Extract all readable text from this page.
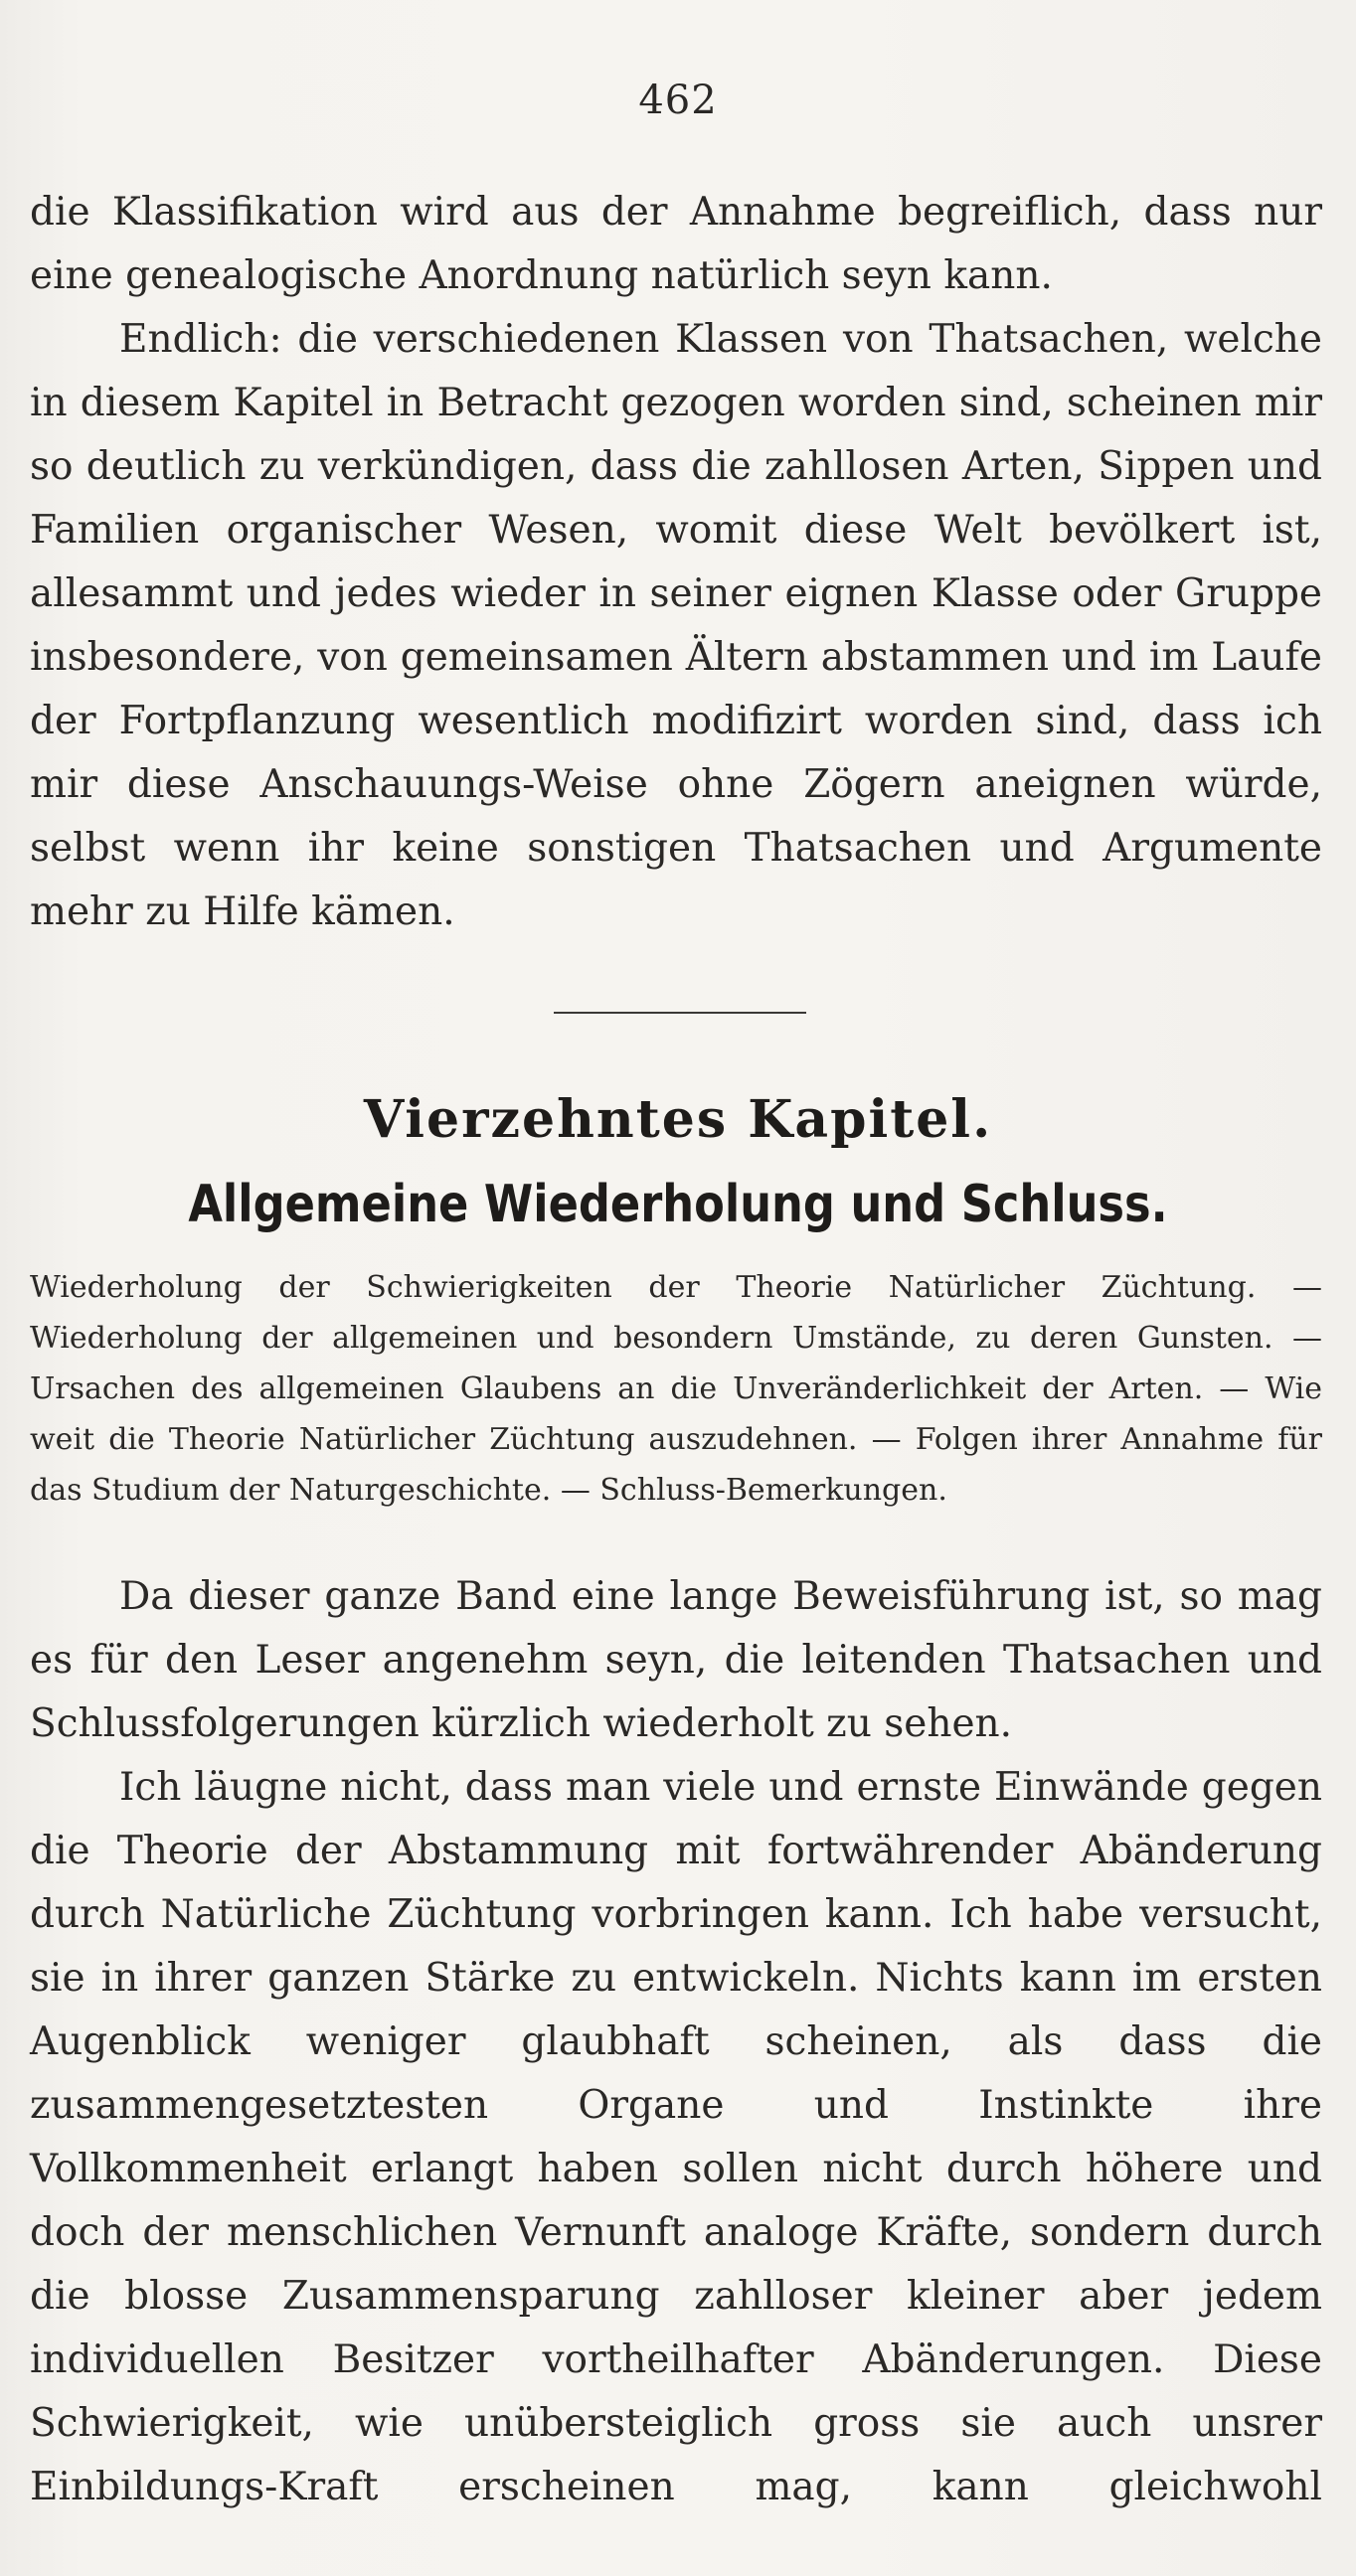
462

die Klassifikation wird aus der Annahme begreiflich, dass nur eine genealogische Anordnung natürlich seyn kann.

Endlich: die verschiedenen Klassen von Thatsachen, welche in diesem Kapitel in Betracht gezogen worden sind, scheinen mir so deutlich zu verkündigen, dass die zahllosen Arten, Sippen und Familien organischer Wesen, womit diese Welt bevölkert ist, allesammt und jedes wieder in seiner eignen Klasse oder Gruppe insbesondere, von gemeinsamen Ältern abstammen und im Laufe der Fortpflanzung wesentlich modifizirt worden sind, dass ich mir diese Anschauungs-Weise ohne Zögern aneignen würde, selbst wenn ihr keine sonstigen Thatsachen und Argumente mehr zu Hilfe kämen.

Vierzehntes Kapitel.
Allgemeine Wiederholung und Schluss.
Wiederholung der Schwierigkeiten der Theorie Natürlicher Züchtung. — Wiederholung der allgemeinen und besondern Umstände, zu deren Gunsten. — Ursachen des allgemeinen Glaubens an die Unveränderlichkeit der Arten. — Wie weit die Theorie Natürlicher Züchtung auszudehnen. — Folgen ihrer Annahme für das Studium der Naturgeschichte. — Schluss-Bemerkungen.

Da dieser ganze Band eine lange Beweisführung ist, so mag es für den Leser angenehm seyn, die leitenden Thatsachen und Schlussfolgerungen kürzlich wiederholt zu sehen.

Ich läugne nicht, dass man viele und ernste Einwände gegen die Theorie der Abstammung mit fortwährender Abänderung durch Natürliche Züchtung vorbringen kann. Ich habe versucht, sie in ihrer ganzen Stärke zu entwickeln. Nichts kann im ersten Augenblick weniger glaubhaft scheinen, als dass die zusammengesetztesten Organe und Instinkte ihre Vollkommenheit erlangt haben sollen nicht durch höhere und doch der menschlichen Vernunft analoge Kräfte, sondern durch die blosse Zusammensparung zahlloser kleiner aber jedem individuellen Besitzer vortheilhafter Abänderungen. Diese Schwierigkeit, wie unübersteiglich gross sie auch unsrer Einbildungs-Kraft erscheinen mag, kann gleichwohl
